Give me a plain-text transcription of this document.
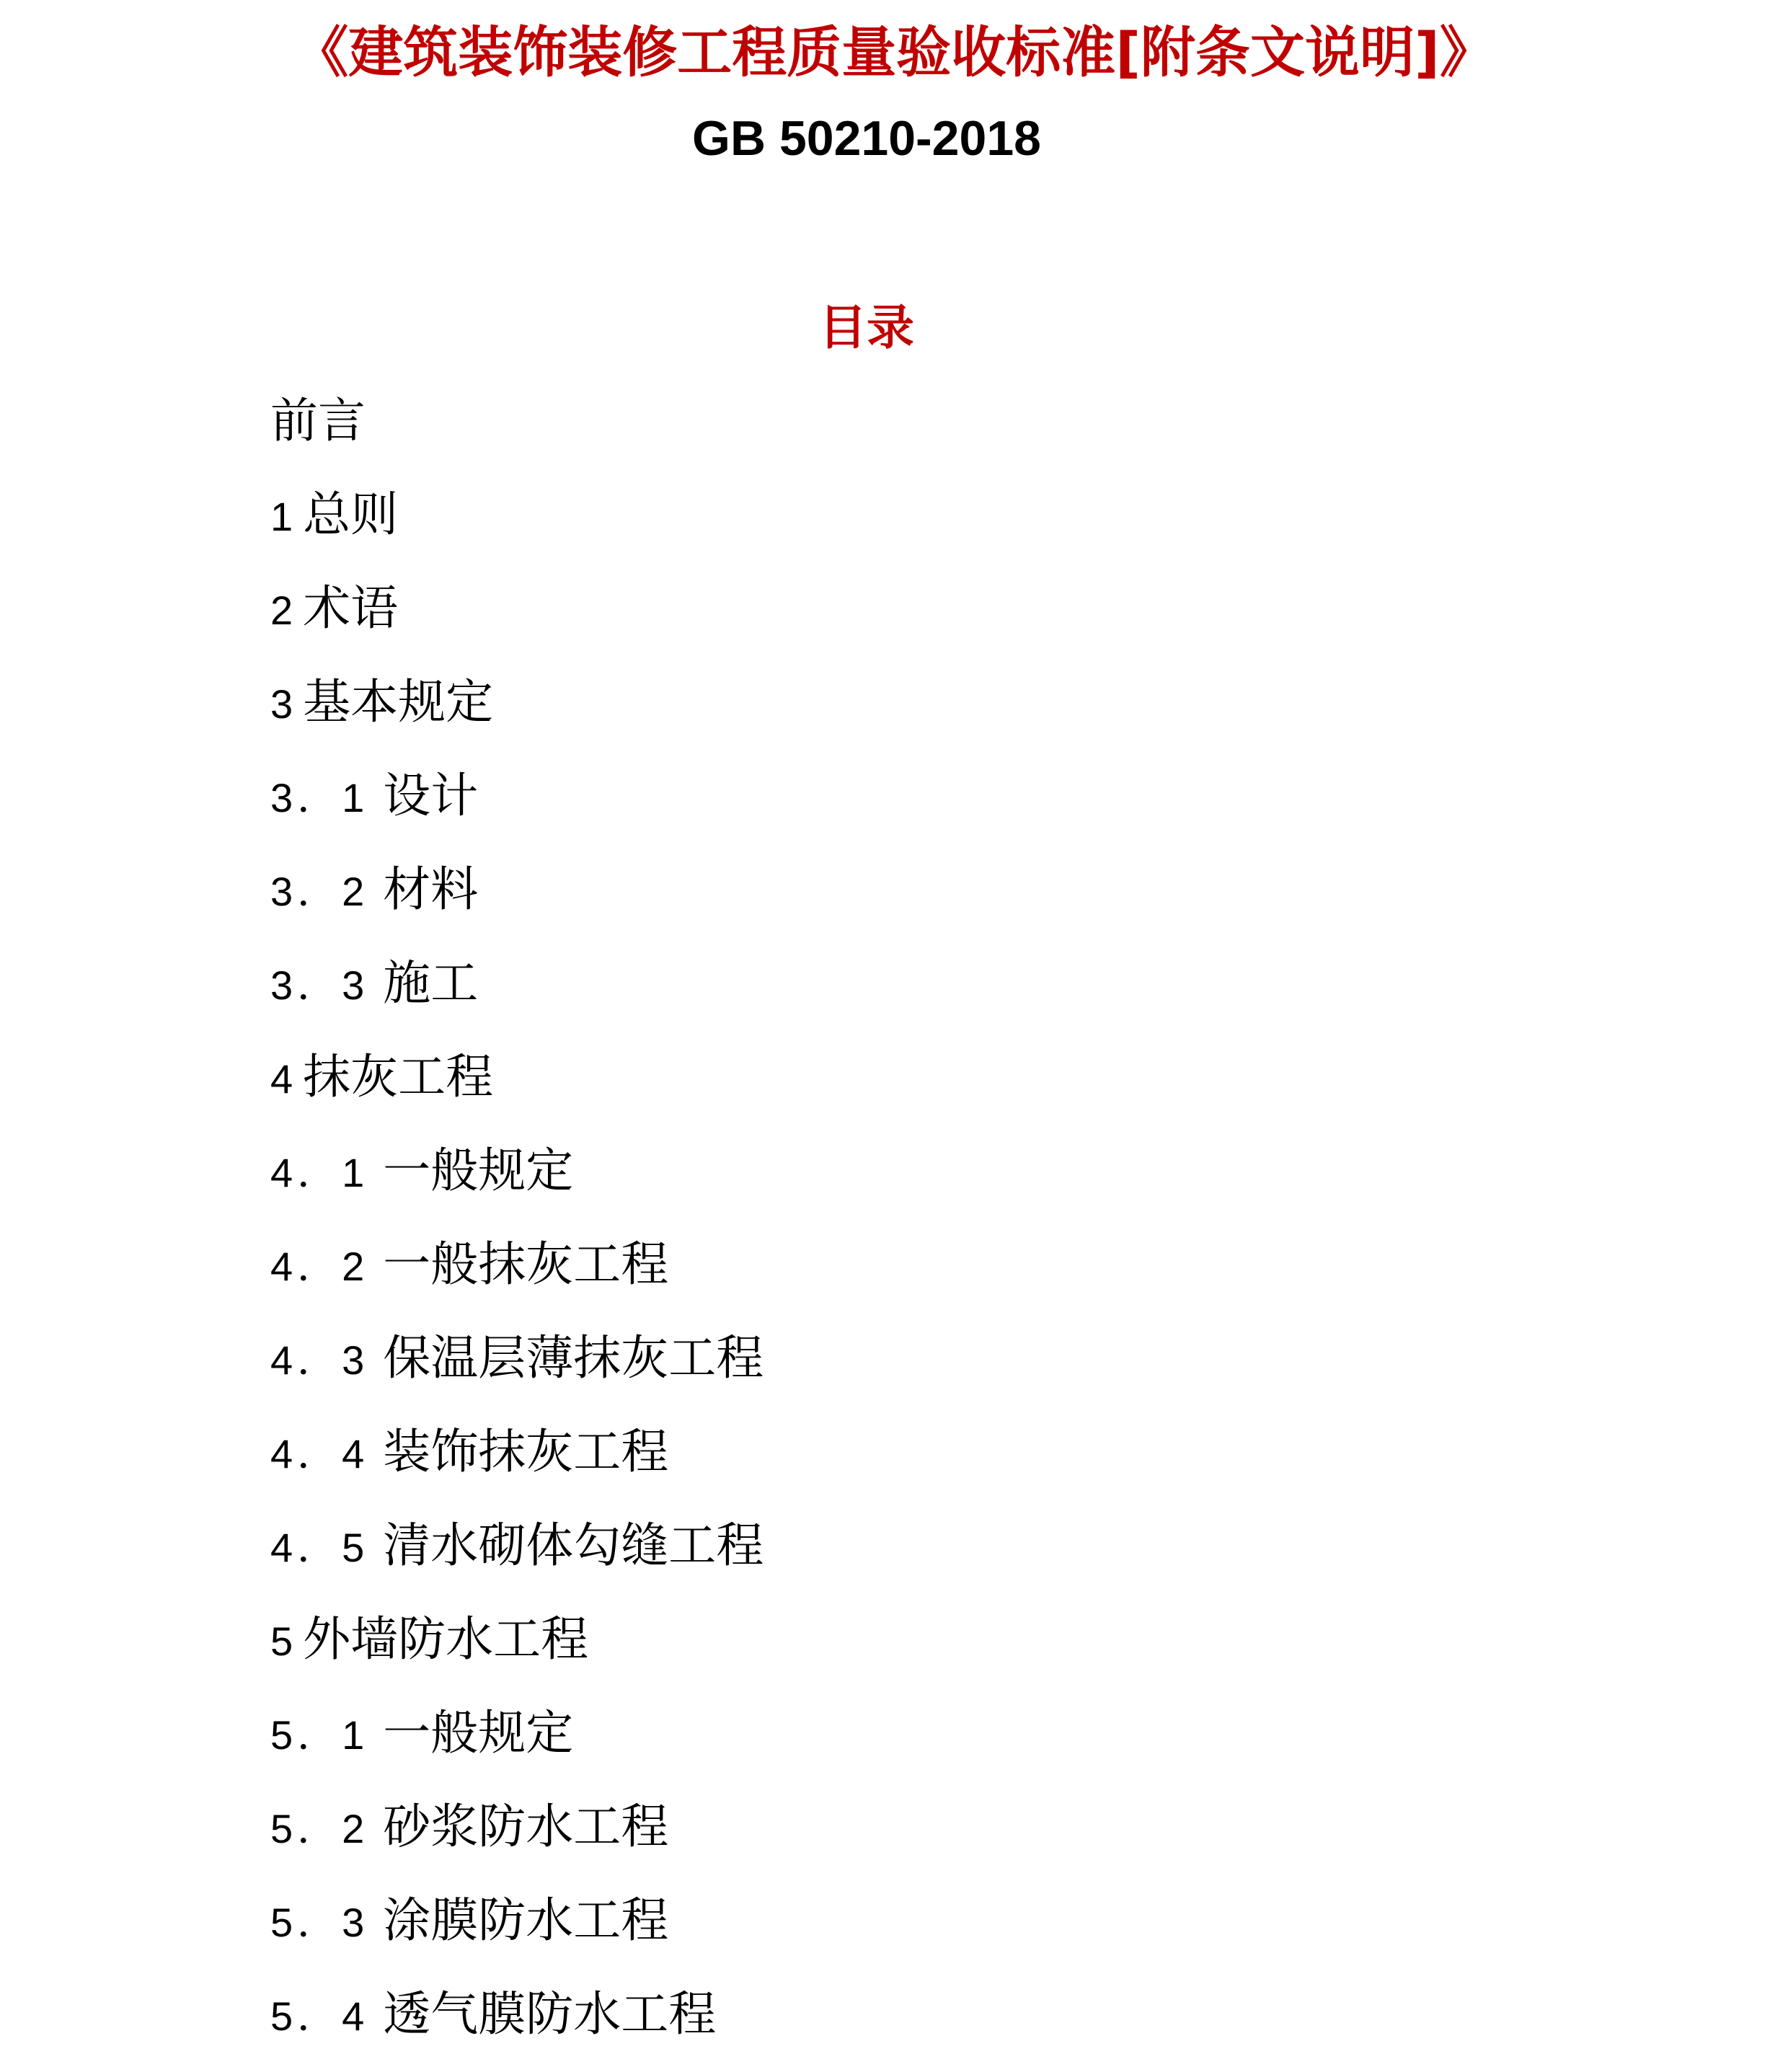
《建筑装饰装修工程质量验收标准[附条文说明]》
GB 50210-2018
目录
前言
1 总则
2 术语
3 基本规定
3．1 设计
3．2 材料
3．3 施工
4 抹灰工程
4．1 一般规定
4．2 一般抹灰工程
4．3 保温层薄抹灰工程
4．4 装饰抹灰工程
4．5 清水砌体勾缝工程
5 外墙防水工程
5．1 一般规定
5．2 砂浆防水工程
5．3 涂膜防水工程
5．4 透气膜防水工程
